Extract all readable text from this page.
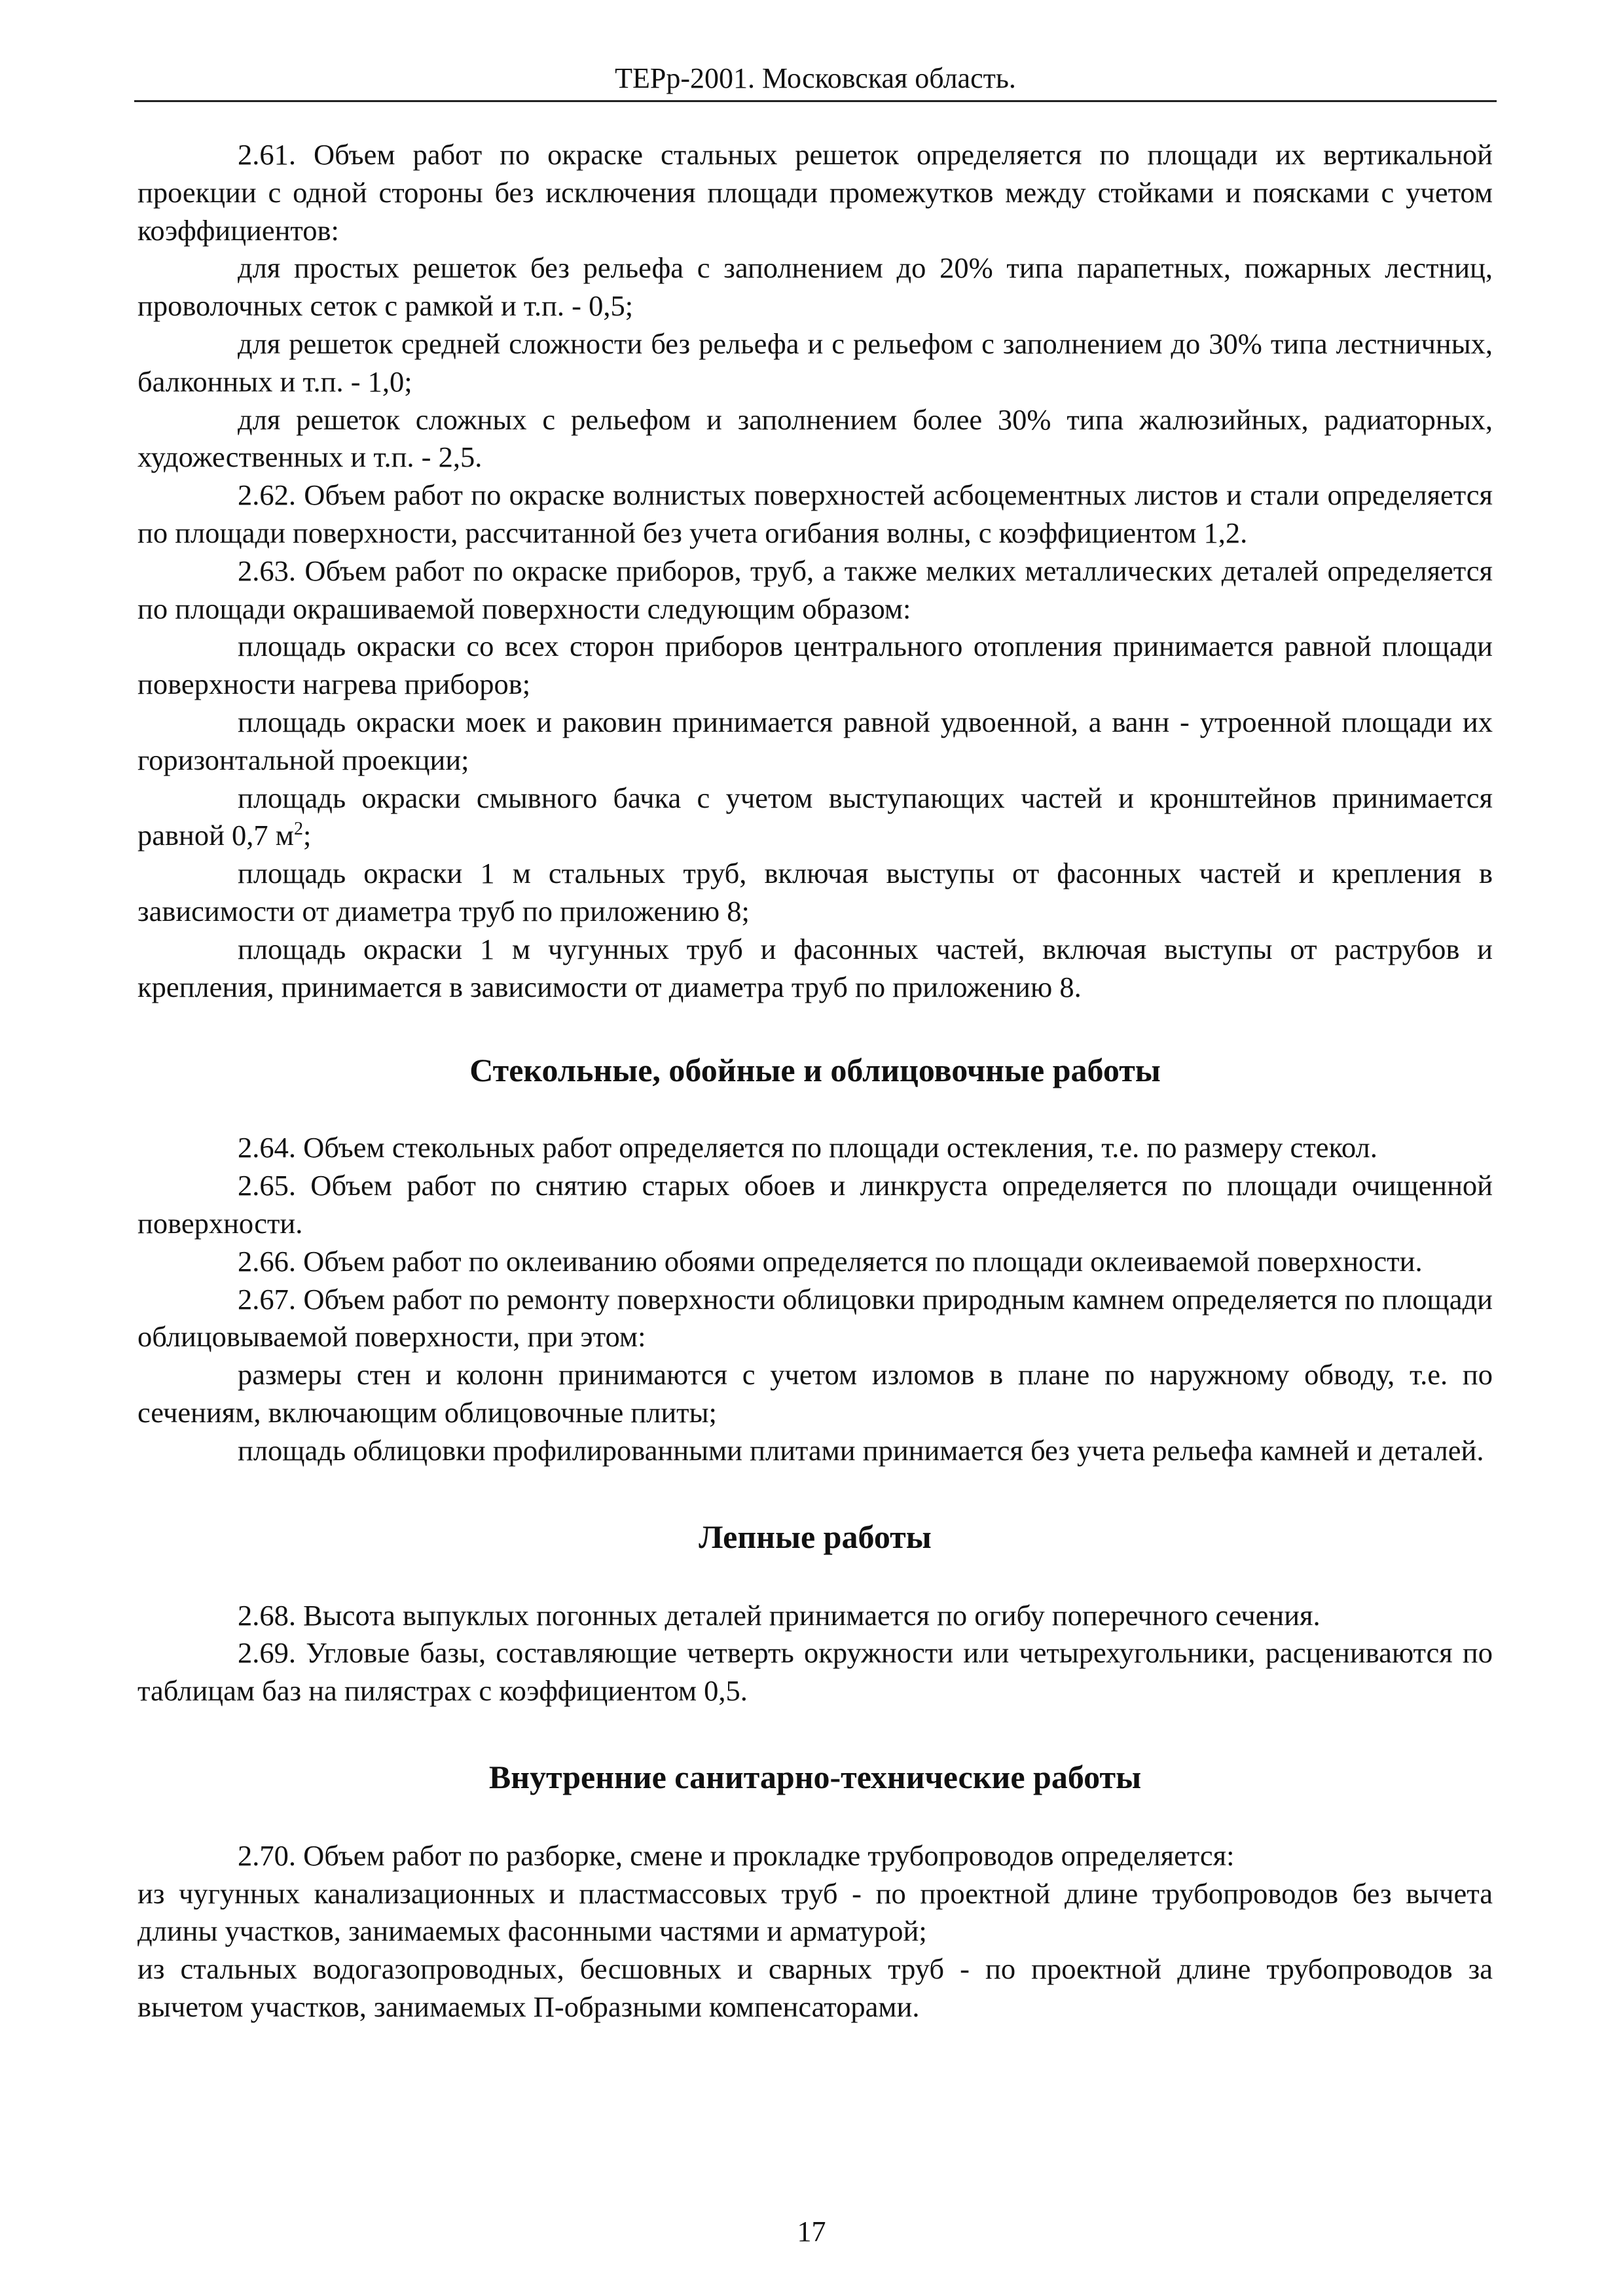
ТЕРр-2001. Московская область.

2.61. Объем работ по окраске стальных решеток определяется по площади их вертикальной проекции с одной стороны без исключения площади промежутков между стойками и поясками с учетом коэффициентов:

для простых решеток без рельефа с заполнением до 20% типа парапетных, пожарных лестниц, проволочных сеток с рамкой и т.п. - 0,5;

для решеток средней сложности без рельефа и с рельефом с заполнением до 30% типа лестничных, балконных и т.п. - 1,0;

для решеток сложных с рельефом и заполнением более 30% типа жалюзийных, радиаторных, художественных и т.п. - 2,5.

2.62. Объем работ по окраске волнистых поверхностей асбоцементных листов и стали определяется по площади поверхности, рассчитанной без учета огибания волны, с коэффициентом 1,2.

2.63. Объем работ по окраске приборов, труб, а также мелких металлических деталей определяется по площади окрашиваемой поверхности следующим образом:

площадь окраски со всех сторон приборов центрального отопления принимается равной площади поверхности нагрева приборов;

площадь окраски моек и раковин принимается равной удвоенной, а ванн - утроенной площади их горизонтальной проекции;

площадь окраски смывного бачка с учетом выступающих частей и кронштейнов принимается равной 0,7 $м^2$;

площадь окраски 1 м стальных труб, включая выступы от фасонных частей и крепления в зависимости от диаметра труб по приложению 8;

площадь окраски 1 м чугунных труб и фасонных частей, включая выступы от раструбов и крепления, принимается в зависимости от диаметра труб по приложению 8.

Стекольные, обойные и облицовочные работы

2.64. Объем стекольных работ определяется по площади остекления, т.е. по размеру стекол.

2.65. Объем работ по снятию старых обоев и линкруста определяется по площади очищенной поверхности.

2.66. Объем работ по оклеиванию обоями определяется по площади оклеиваемой поверхности.

2.67. Объем работ по ремонту поверхности облицовки природным камнем определяется по площади облицовываемой поверхности, при этом:

размеры стен и колонн принимаются с учетом изломов в плане по наружному обводу, т.е. по сечениям, включающим облицовочные плиты;

площадь облицовки профилированными плитами принимается без учета рельефа камней и деталей.

Лепные работы

2.68. Высота выпуклых погонных деталей принимается по огибу поперечного сечения.

2.69. Угловые базы, составляющие четверть окружности или четырехугольники, расцениваются по таблицам баз на пилястрах с коэффициентом 0,5.

Внутренние санитарно-технические работы

2.70. Объем работ по разборке, смене и прокладке трубопроводов определяется:

из чугунных канализационных и пластмассовых труб - по проектной длине трубопроводов без вычета длины участков, занимаемых фасонными частями и арматурой;

из стальных водогазопроводных, бесшовных и сварных труб - по проектной длине трубопроводов за вычетом участков, занимаемых П-образными компенсаторами.

17
